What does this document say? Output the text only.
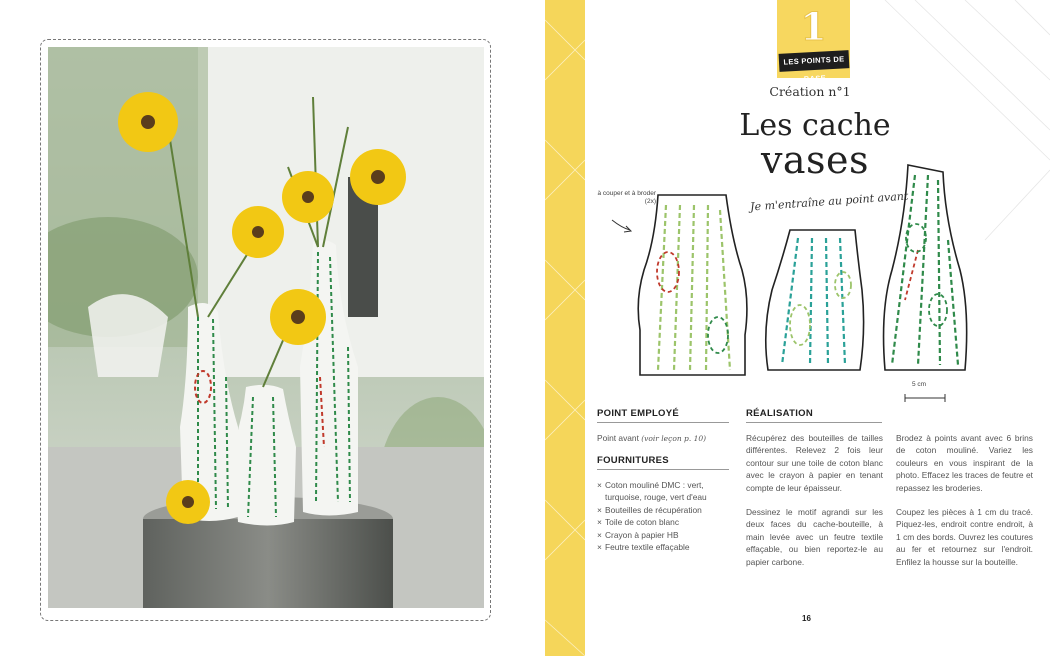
1
LES POINTS DE BASE
Création n°1
Les cache
vases
Je m'entraîne au point avant
à couper et à broder (2x)
5 cm
POINT EMPLOYÉ
Point avant (voir leçon p. 10)
FOURNITURES
× Coton mouliné DMC : vert, turquoise, rouge, vert d'eau
× Bouteilles de récupération
× Toile de coton blanc
× Crayon à papier HB
× Feutre textile effaçable
RÉALISATION

Récupérez des bouteilles de tailles différentes. Relevez 2 fois leur contour sur une toile de coton blanc avec le crayon à papier en tenant compte de leur épaisseur.

Dessinez le motif agrandi sur les deux faces du cache-bouteille, à main levée avec un feutre textile effaçable, ou bien reportez-le au papier carbone.

Brodez à points avant avec 6 brins de coton mouliné. Variez les couleurs en vous inspirant de la photo. Effacez les traces de feutre et repassez les broderies.

Coupez les pièces à 1 cm du tracé. Piquez-les, endroit contre endroit, à 1 cm des bords. Ouvrez les coutures au fer et retournez sur l'endroit. Enfilez la housse sur la bouteille.

16
